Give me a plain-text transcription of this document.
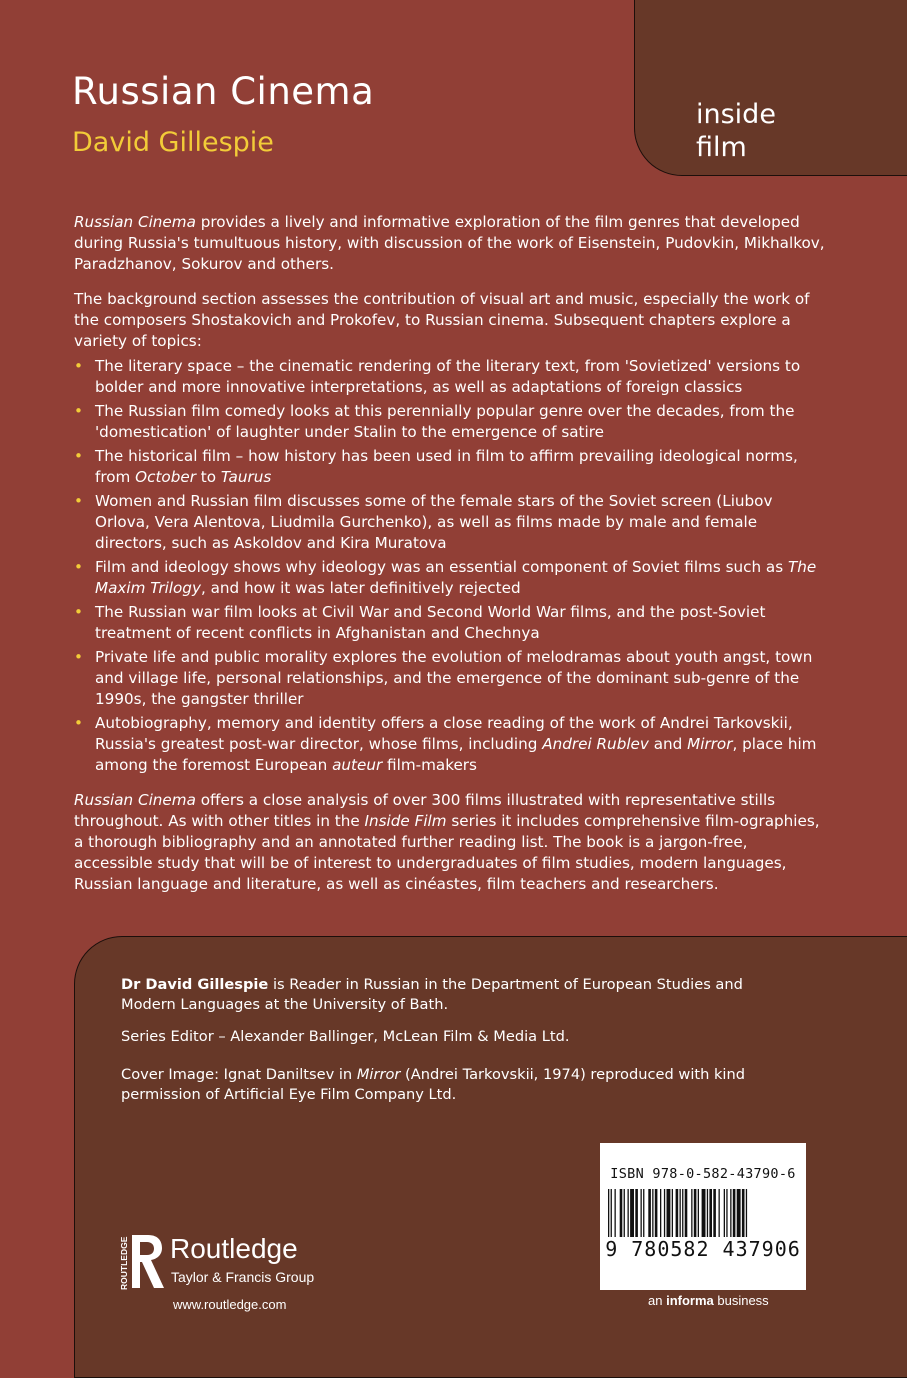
inside
film
Russian Cinema
David Gillespie

Russian Cinema provides a lively and informative exploration of the film genres that developed during Russia's tumultuous history, with discussion of the work of Eisenstein, Pudovkin, Mikhalkov, Paradzhanov, Sokurov and others.

The background section assesses the contribution of visual art and music, especially the work of the composers Shostakovich and Prokofev, to Russian cinema. Subsequent chapters explore a variety of topics:

• The literary space – the cinematic rendering of the literary text, from 'Sovietized' versions to bolder and more innovative interpretations, as well as adaptations of foreign classics
• The Russian film comedy looks at this perennially popular genre over the decades, from the 'domestication' of laughter under Stalin to the emergence of satire
• The historical film – how history has been used in film to affirm prevailing ideological norms, from October to Taurus
• Women and Russian film discusses some of the female stars of the Soviet screen (Liubov Orlova, Vera Alentova, Liudmila Gurchenko), as well as films made by male and female directors, such as Askoldov and Kira Muratova
• Film and ideology shows why ideology was an essential component of Soviet films such as The Maxim Trilogy, and how it was later definitively rejected
• The Russian war film looks at Civil War and Second World War films, and the post-Soviet treatment of recent conflicts in Afghanistan and Chechnya
• Private life and public morality explores the evolution of melodramas about youth angst, town and village life, personal relationships, and the emergence of the dominant sub-genre of the 1990s, the gangster thriller
• Autobiography, memory and identity offers a close reading of the work of Andrei Tarkovskii, Russia's greatest post-war director, whose films, including Andrei Rublev and Mirror, place him among the foremost European auteur film-makers

Russian Cinema offers a close analysis of over 300 films illustrated with representative stills throughout. As with other titles in the Inside Film series it includes comprehensive film-ographies, a thorough bibliography and an annotated further reading list. The book is a jargon-free, accessible study that will be of interest to undergraduates of film studies, modern languages, Russian language and literature, as well as cinéastes, film teachers and researchers.

Dr David Gillespie is Reader in Russian in the Department of European Studies and Modern Languages at the University of Bath.

Series Editor – Alexander Ballinger, McLean Film & Media Ltd.

Cover Image: Ignat Daniltsev in Mirror (Andrei Tarkovskii, 1974) reproduced with kind permission of Artificial Eye Film Company Ltd.

ROUTLEDGE Routledge
Taylor & Francis Group
www.routledge.com
ISBN 978-0-582-43790-6
9 780582 437906
an informa business
